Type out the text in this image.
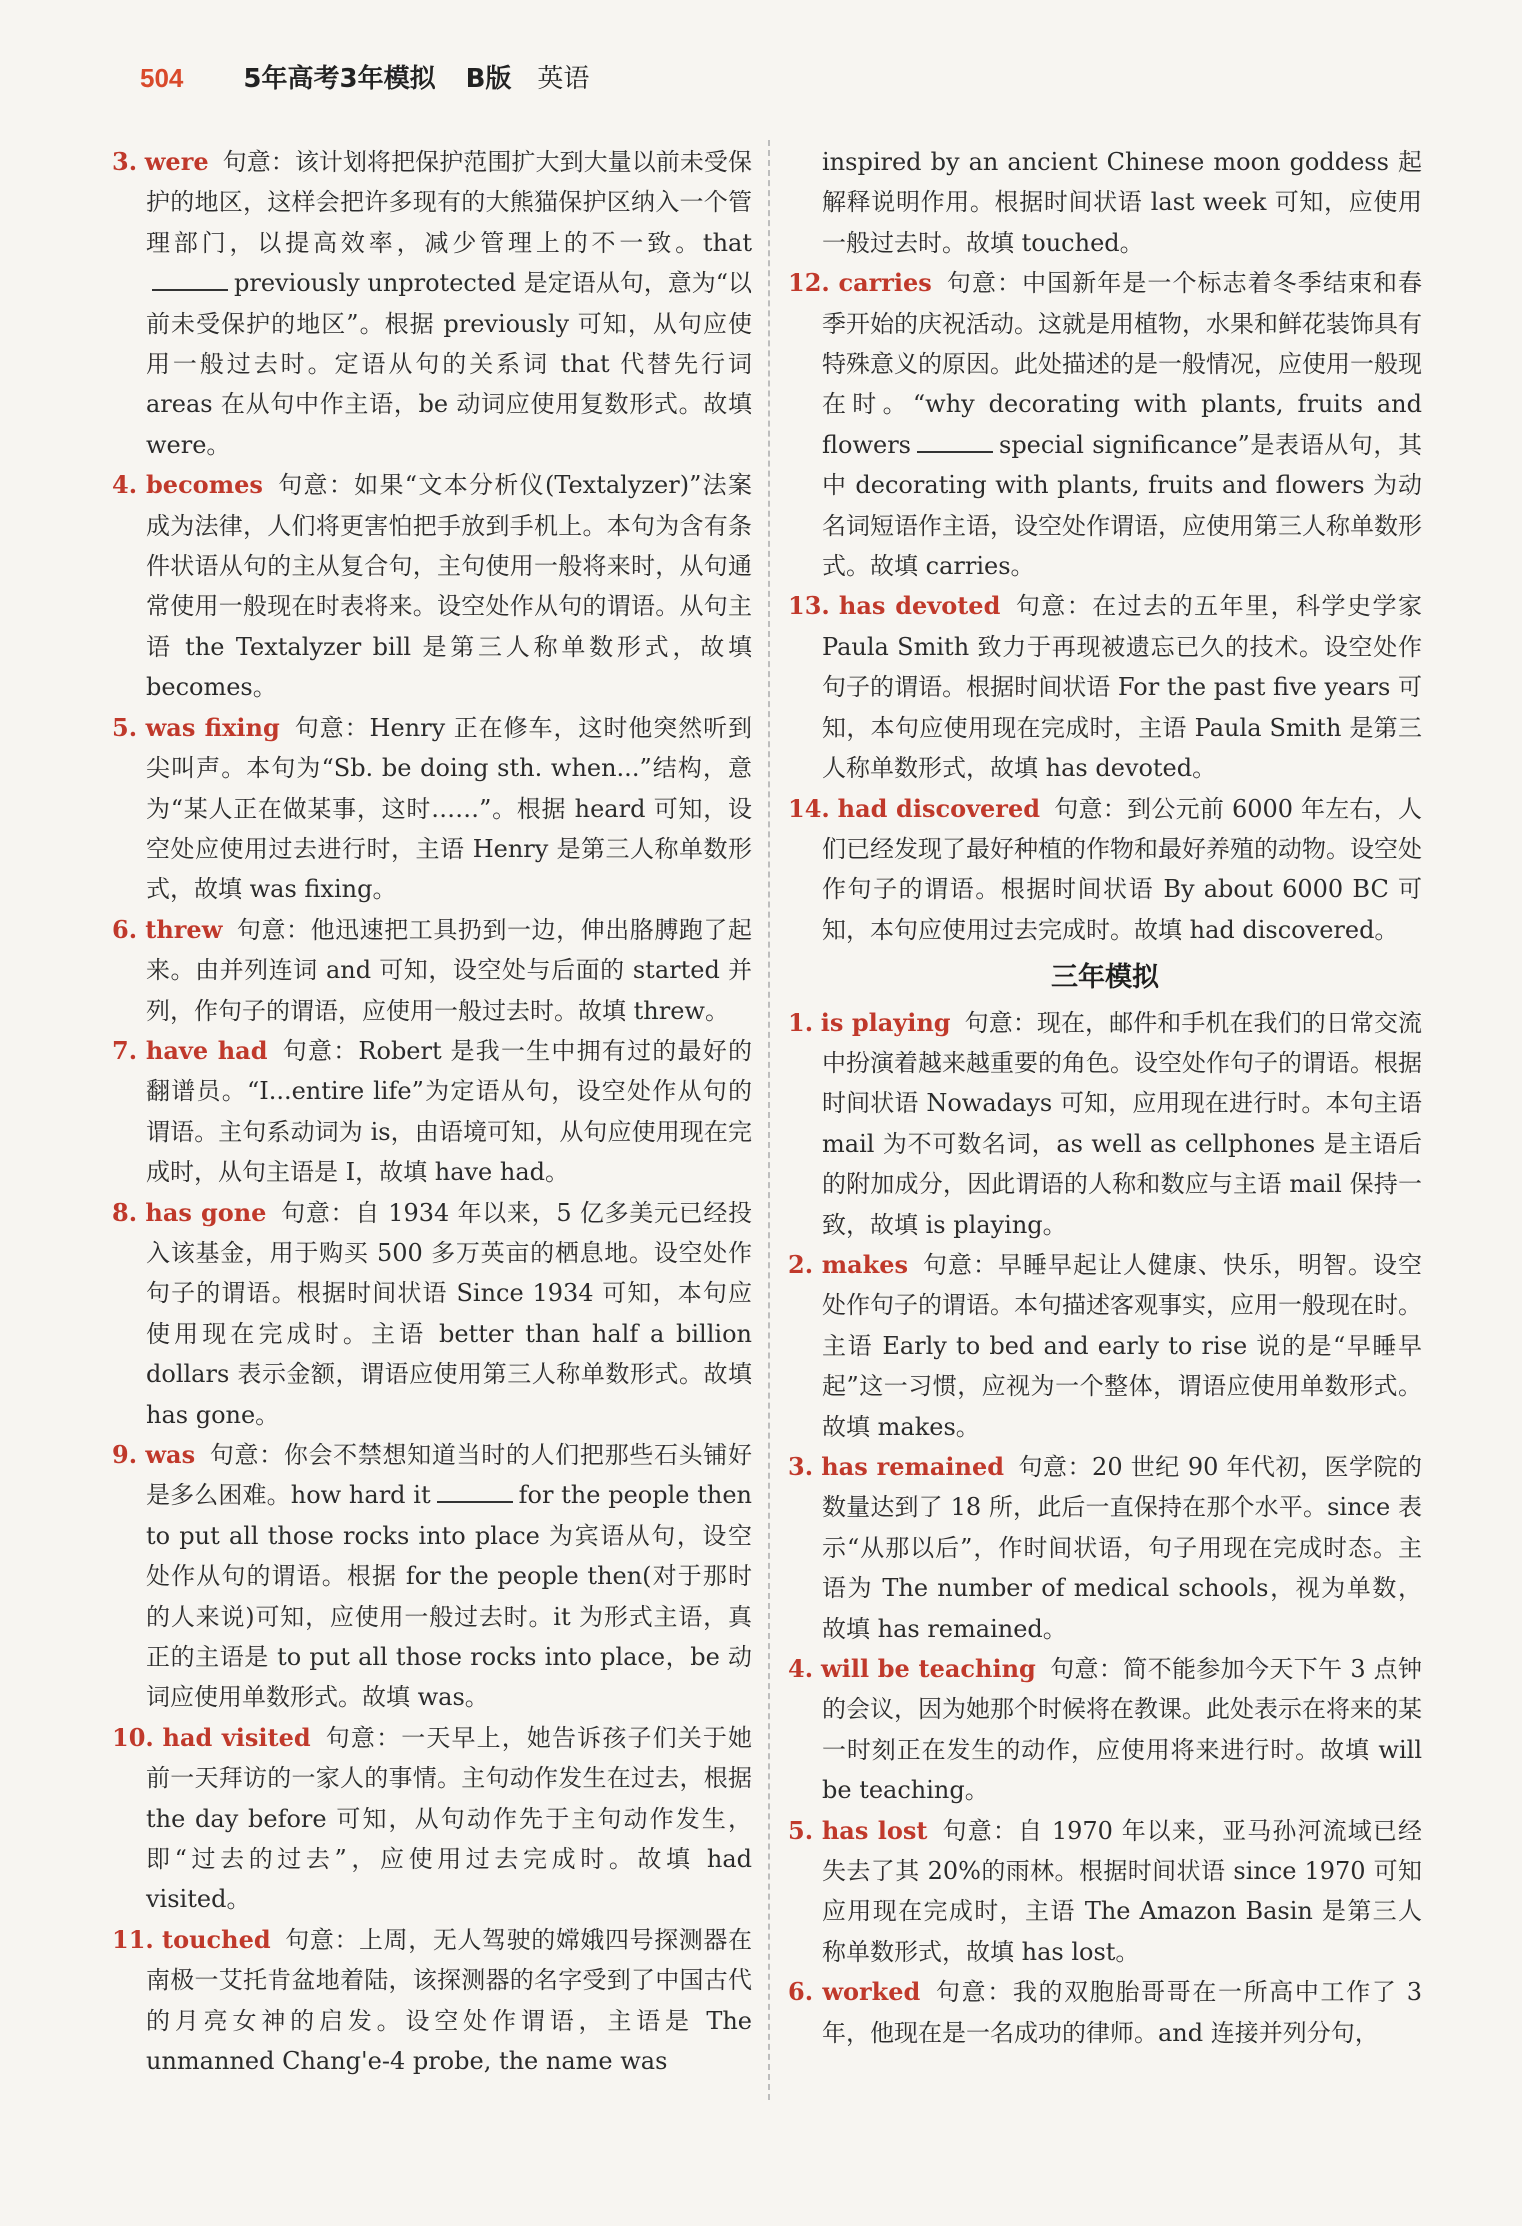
504 5年高考3年模拟 B版 英语
3. were 句意：该计划将把保护范围扩大到大量以前未受保护的地区，这样会把许多现有的大熊猫保护区纳入一个管理部门，以提高效率，减少管理上的不一致。thatpreviously unprotected 是定语从句，意为“以前未受保护的地区”。根据 previously 可知，从句应使用一般过去时。定语从句的关系词 that 代替先行词 areas 在从句中作主语，be 动词应使用复数形式。故填 were。
4. becomes 句意：如果“文本分析仪(Textalyzer)”法案成为法律，人们将更害怕把手放到手机上。本句为含有条件状语从句的主从复合句，主句使用一般将来时，从句通常使用一般现在时表将来。设空处作从句的谓语。从句主语 the Textalyzer bill 是第三人称单数形式，故填 becomes。
5. was fixing 句意：Henry 正在修车，这时他突然听到尖叫声。本句为“Sb. be doing sth. when...”结构，意为“某人正在做某事，这时……”。根据 heard 可知，设空处应使用过去进行时，主语 Henry 是第三人称单数形式，故填 was fixing。
6. threw 句意：他迅速把工具扔到一边，伸出胳膊跑了起来。由并列连词 and 可知，设空处与后面的 started 并列，作句子的谓语，应使用一般过去时。故填 threw。
7. have had 句意：Robert 是我一生中拥有过的最好的翻谱员。“I...entire life”为定语从句，设空处作从句的谓语。主句系动词为 is，由语境可知，从句应使用现在完成时，从句主语是 I，故填 have had。
8. has gone 句意：自 1934 年以来，5 亿多美元已经投入该基金，用于购买 500 多万英亩的栖息地。设空处作句子的谓语。根据时间状语 Since 1934 可知，本句应使用现在完成时。主语 better than half a billion dollars 表示金额，谓语应使用第三人称单数形式。故填 has gone。
9. was 句意：你会不禁想知道当时的人们把那些石头铺好是多么困难。how hard it	for the people then to put all those rocks into place 为宾语从句，设空处作从句的谓语。根据 for the people then(对于那时的人来说)可知，应使用一般过去时。it 为形式主语，真正的主语是 to put all those rocks into place，be 动词应使用单数形式。故填 was。
10. had visited 句意：一天早上，她告诉孩子们关于她前一天拜访的一家人的事情。主句动作发生在过去，根据 the day before 可知，从句动作先于主句动作发生，即“过去的过去”，应使用过去完成时。故填 had visited。
11. touched 句意：上周，无人驾驶的嫦娥四号探测器在南极一艾托肯盆地着陆，该探测器的名字受到了中国古代的月亮女神的启发。设空处作谓语，主语是 The unmanned Chang'e-4 probe, the name was
inspired by an ancient Chinese moon goddess 起解释说明作用。根据时间状语 last week 可知，应使用一般过去时。故填 touched。
12. carries 句意：中国新年是一个标志着冬季结束和春季开始的庆祝活动。这就是用植物，水果和鲜花装饰具有特殊意义的原因。此处描述的是一般情况，应使用一般现在时。“why decorating with plants, fruits and flowers	special significance”是表语从句，其中 decorating with plants, fruits and flowers 为动名词短语作主语，设空处作谓语，应使用第三人称单数形式。故填 carries。
13. has devoted 句意：在过去的五年里，科学史学家 Paula Smith 致力于再现被遗忘已久的技术。设空处作句子的谓语。根据时间状语 For the past five years 可知，本句应使用现在完成时，主语 Paula Smith 是第三人称单数形式，故填 has devoted。
14. had discovered 句意：到公元前 6000 年左右，人们已经发现了最好种植的作物和最好养殖的动物。设空处作句子的谓语。根据时间状语 By about 6000 BC 可知，本句应使用过去完成时。故填 had discovered。
三年模拟
1. is playing 句意：现在，邮件和手机在我们的日常交流中扮演着越来越重要的角色。设空处作句子的谓语。根据时间状语 Nowadays 可知，应用现在进行时。本句主语 mail 为不可数名词，as well as cellphones 是主语后的附加成分，因此谓语的人称和数应与主语 mail 保持一致，故填 is playing。
2. makes 句意：早睡早起让人健康、快乐，明智。设空处作句子的谓语。本句描述客观事实，应用一般现在时。主语 Early to bed and early to rise 说的是“早睡早起”这一习惯，应视为一个整体，谓语应使用单数形式。故填 makes。
3. has remained 句意：20 世纪 90 年代初，医学院的数量达到了 18 所，此后一直保持在那个水平。since 表示“从那以后”，作时间状语，句子用现在完成时态。主语为 The number of medical schools，视为单数，故填 has remained。
4. will be teaching 句意：简不能参加今天下午 3 点钟的会议，因为她那个时候将在教课。此处表示在将来的某一时刻正在发生的动作，应使用将来进行时。故填 will be teaching。
5. has lost 句意：自 1970 年以来，亚马孙河流域已经失去了其 20%的雨林。根据时间状语 since 1970 可知应用现在完成时，主语 The Amazon Basin 是第三人称单数形式，故填 has lost。
6. worked 句意：我的双胞胎哥哥在一所高中工作了 3 年，他现在是一名成功的律师。and 连接并列分句，
